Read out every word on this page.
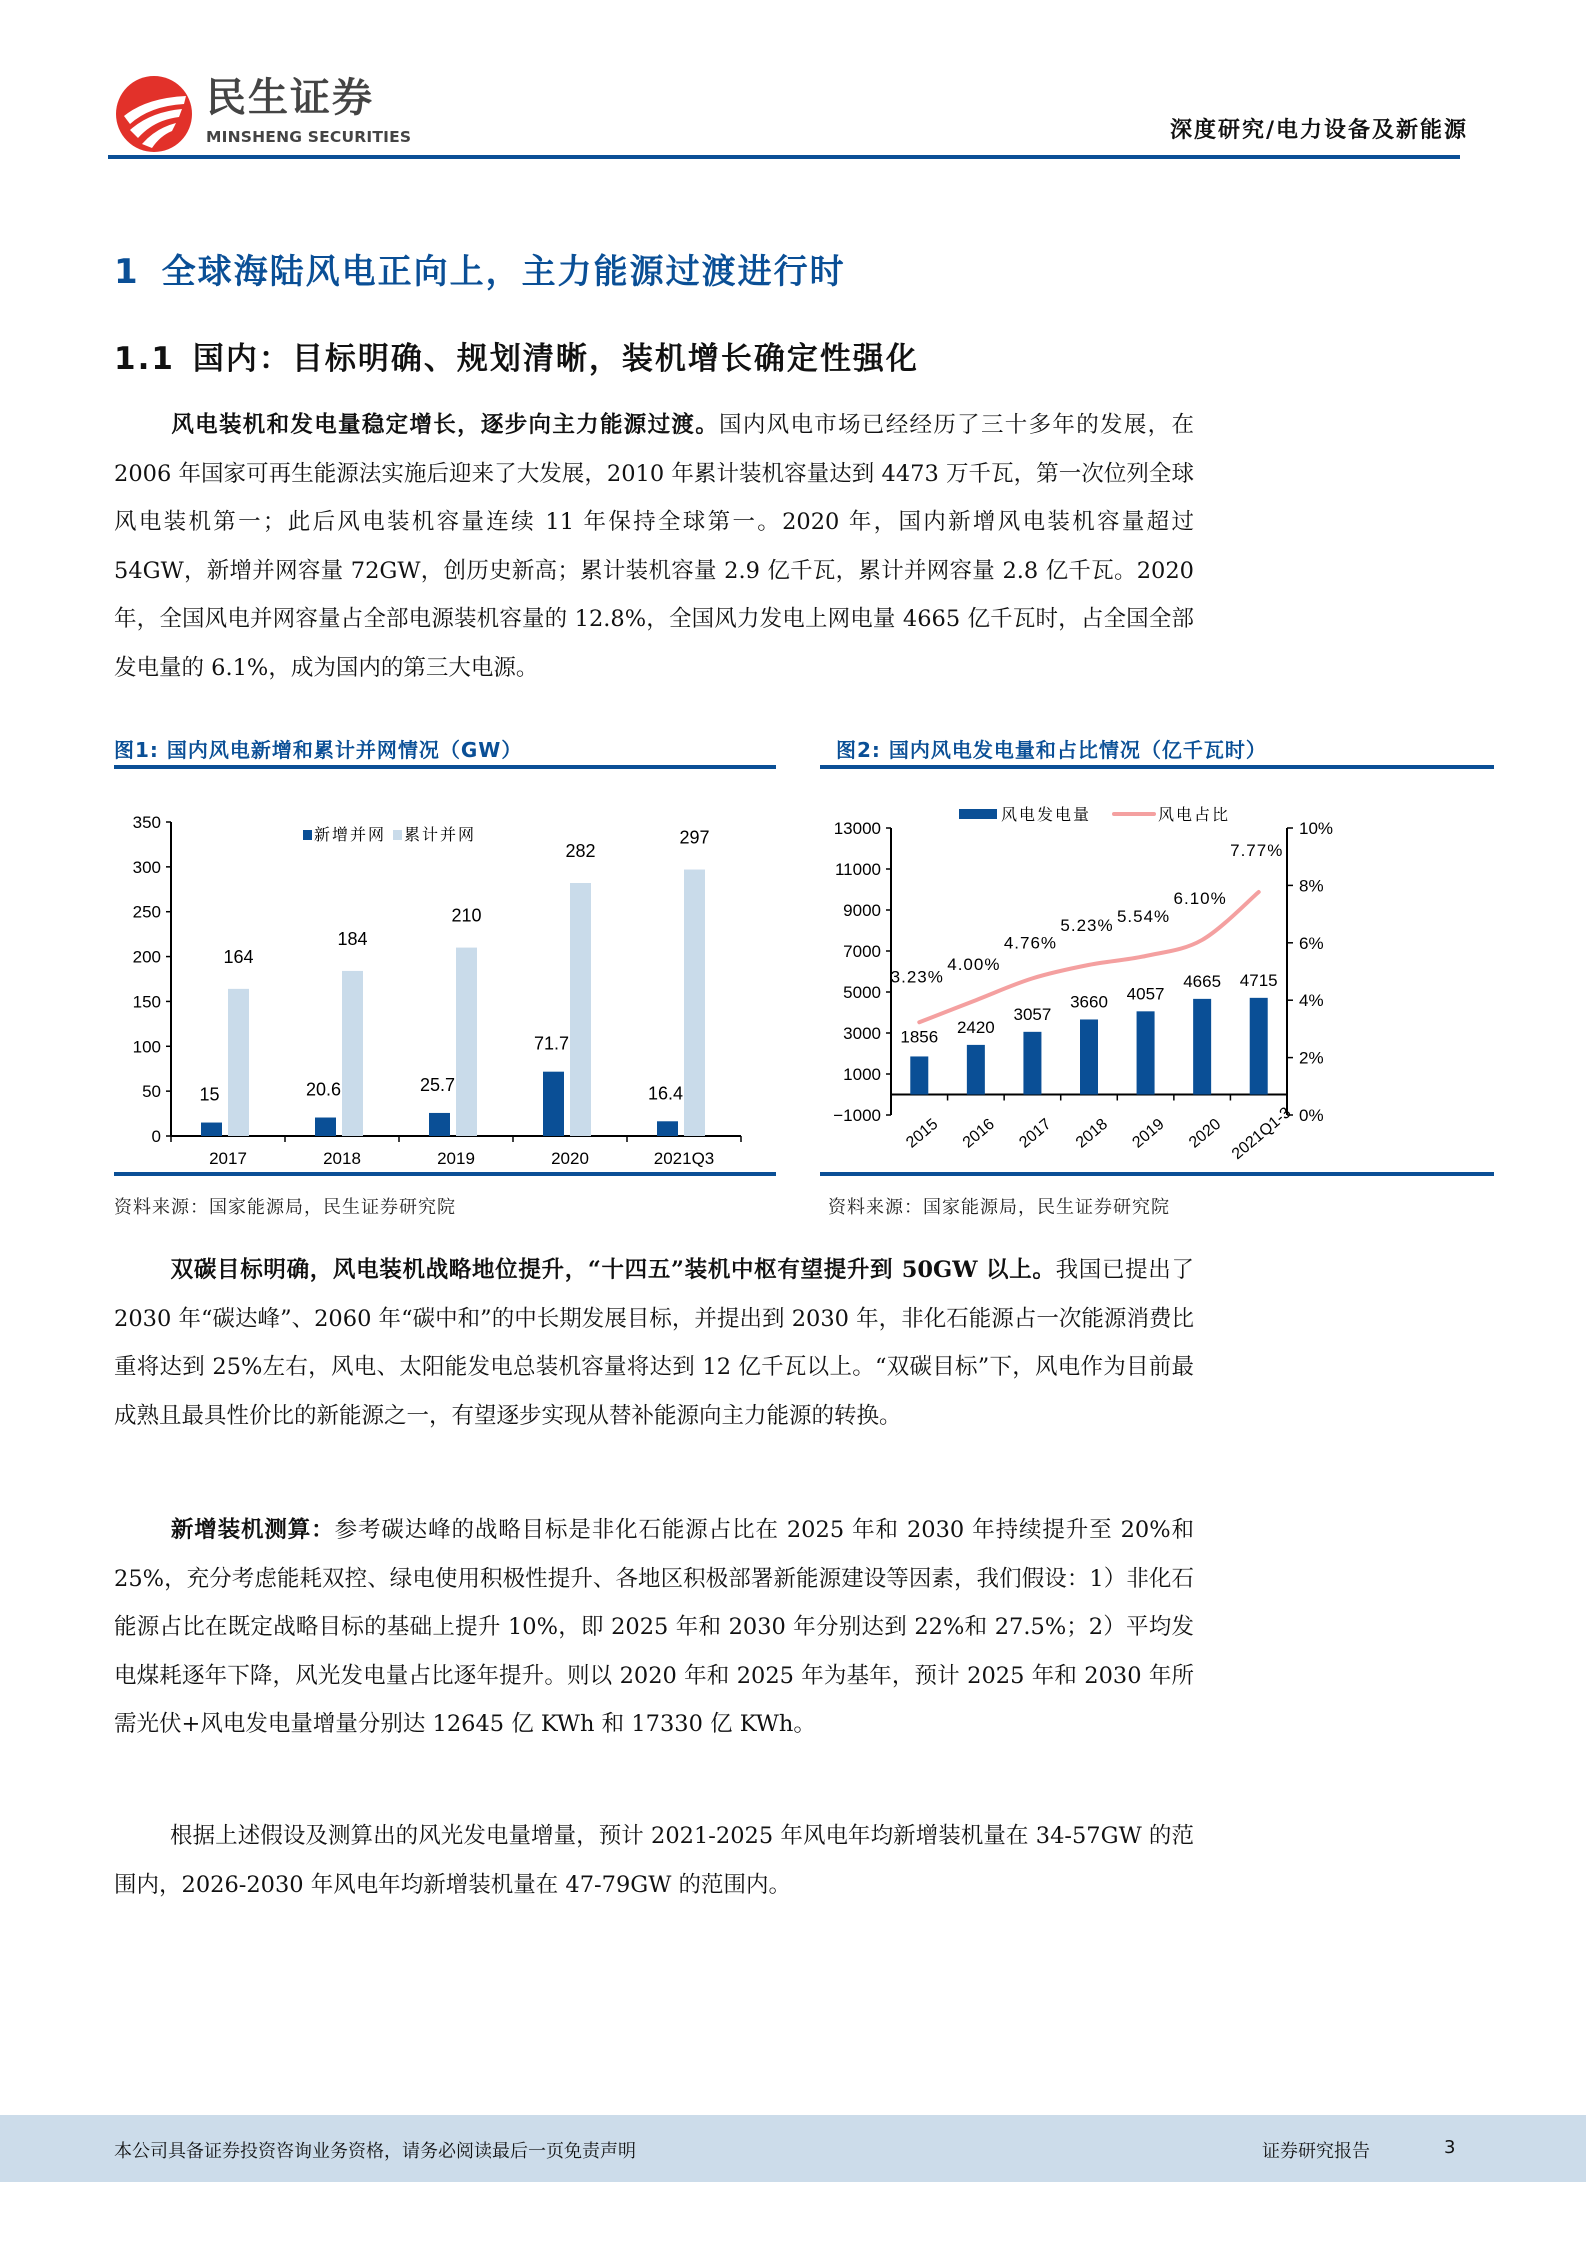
民生证券
MINSHENG SECURITIES	深度研究/电力设备及新能源
1 全球海陆风电正向上，主力能源过渡进行时
1.1 国内：目标明确、规划清晰，装机增长确定性强化
风电装机和发电量稳定增长，逐步向主力能源过渡。国内风电市场已经经历了三十多年的发展，在 2006 年国家可再生能源法实施后迎来了大发展，2010 年累计装机容量达到 4473 万千瓦，第一次位列全球风电装机第一；此后风电装机容量连续 11 年保持全球第一。2020 年，国内新增风电装机容量超过 54GW，新增并网容量 72GW，创历史新高；累计装机容量 2.9 亿千瓦，累计并网容量 2.8 亿千瓦。2020 年，全国风电并网容量占全部电源装机容量的 12.8%，全国风力发电上网电量 4665 亿千瓦时，占全国全部发电量的 6.1%，成为国内的第三大电源。
图1: 国内风电新增和累计并网情况（GW）
0
50
100
150
200
250
300
350
2017
15
164
2018
20.6
184
2019
25.7
210
2020
71.7
282
2021Q3
16.4
297
新增并网 累计并网
资料来源：国家能源局，民生证券研究院
图2: 国内风电发电量和占比情况（亿千瓦时）
−1000
1000
3000
5000
7000
9000
11000
13000
0%
2%
4%
6%
8%
10%
2015 2016 2017 2018 2019 2020 2021Q1-3
1856 2420
3057
3660 4057
4665 4715
3.23%
4.00%
4.76%
5.23% 5.54%
6.10%
7.77%
风电发电量	风电占比
资料来源：国家能源局，民生证券研究院
双碳目标明确，风电装机战略地位提升，“十四五”装机中枢有望提升到 50GW 以上。我国已提出了 2030 年“碳达峰”、2060 年“碳中和”的中长期发展目标，并提出到 2030 年，非化石能源占一次能源消费比重将达到 25%左右，风电、太阳能发电总装机容量将达到 12 亿千瓦以上。“双碳目标”下，风电作为目前最成熟且最具性价比的新能源之一，有望逐步实现从替补能源向主力能源的转换。
新增装机测算：参考碳达峰的战略目标是非化石能源占比在 2025 年和 2030 年持续提升至 20%和 25%，充分考虑能耗双控、绿电使用积极性提升、各地区积极部署新能源建设等因素，我们假设：1）非化石能源占比在既定战略目标的基础上提升 10%，即 2025 年和 2030 年分别达到 22%和 27.5%；2）平均发电煤耗逐年下降，风光发电量占比逐年提升。则以 2020 年和 2025 年为基年，预计 2025 年和 2030 年所需光伏+风电发电量增量分别达 12645 亿 KWh 和 17330 亿 KWh。
根据上述假设及测算出的风光发电量增量，预计 2021-2025 年风电年均新增装机量在 34-57GW 的范围内，2026-2030 年风电年均新增装机量在 47-79GW 的范围内。
本公司具备证券投资咨询业务资格，请务必阅读最后一页免责声明	证券研究报告	3
